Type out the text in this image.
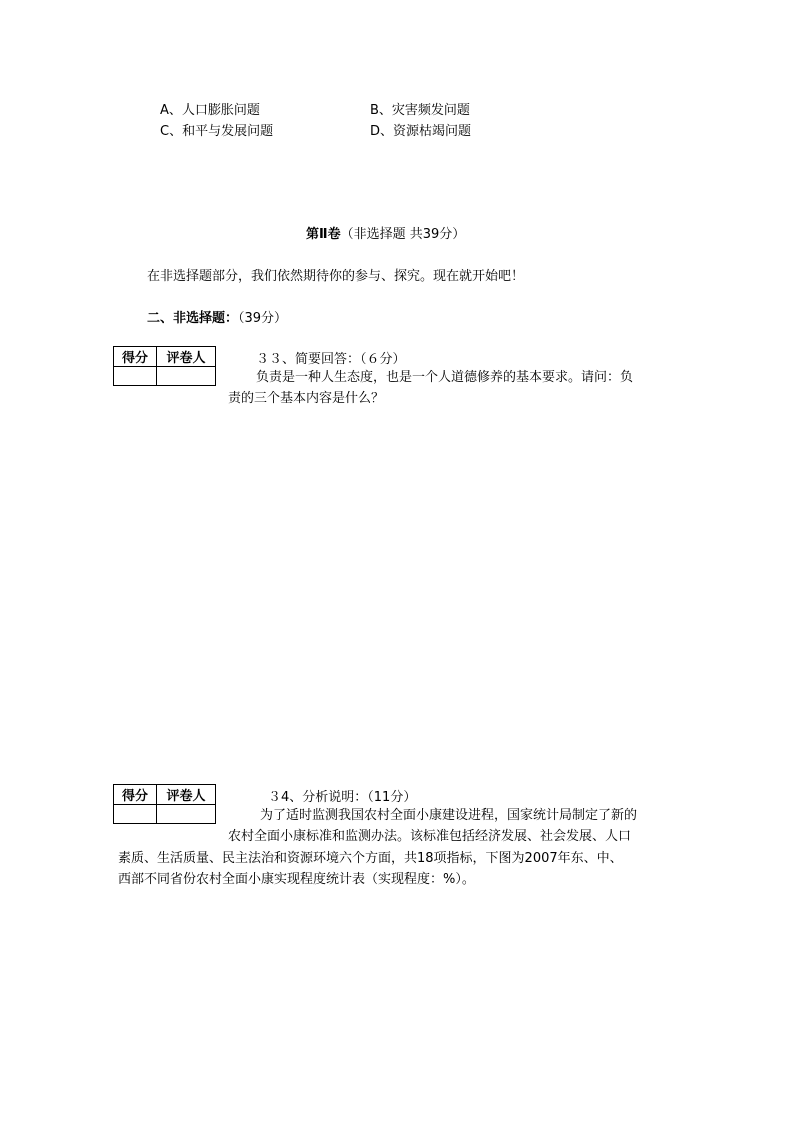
A、人口膨胀问题	B、灾害频发问题
C、和平与发展问题	D、资源枯竭问题
第Ⅱ卷（非选择题 共39分）
在非选择题部分，我们依然期待你的参与、探究。现在就开始吧！
二、非选择题：（39分）
得分	评卷人
		３３、简要回答：（６分）
负责是一种人生态度，也是一个人道德修养的基本要求。请问：负
责的三个基本内容是什么？
得分	评卷人
		３4、分析说明：（11分）
为了适时监测我国农村全面小康建设进程，国家统计局制定了新的
农村全面小康标准和监测办法。该标准包括经济发展、社会发展、人口
素质、生活质量、民主法治和资源环境六个方面，共18项指标，下图为2007年东、中、
西部不同省份农村全面小康实现程度统计表（实现程度：%）。
